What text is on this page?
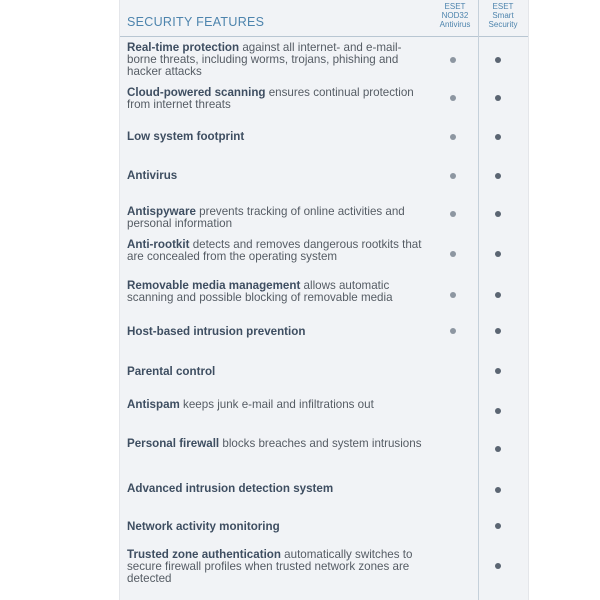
SECURITY FEATURES
ESET
NOD32
Antivirus
ESET
Smart
Security
Real-time protection against all internet- and e-mail- borne threats, including worms, trojans, phishing and hacker attacks
Cloud-powered scanning ensures continual protection from internet threats
Low system footprint
Antivirus
Antispyware prevents tracking of online activities and personal information
Anti-rootkit detects and removes dangerous rootkits that are concealed from the operating system
Removable media management allows automatic scanning and possible blocking of removable media
Host-based intrusion prevention
Parental control
Antispam keeps junk e-mail and infiltrations out
Personal firewall blocks breaches and system intrusions
Advanced intrusion detection system
Network activity monitoring
Trusted zone authentication automatically switches to secure firewall profiles when trusted network zones are detected
